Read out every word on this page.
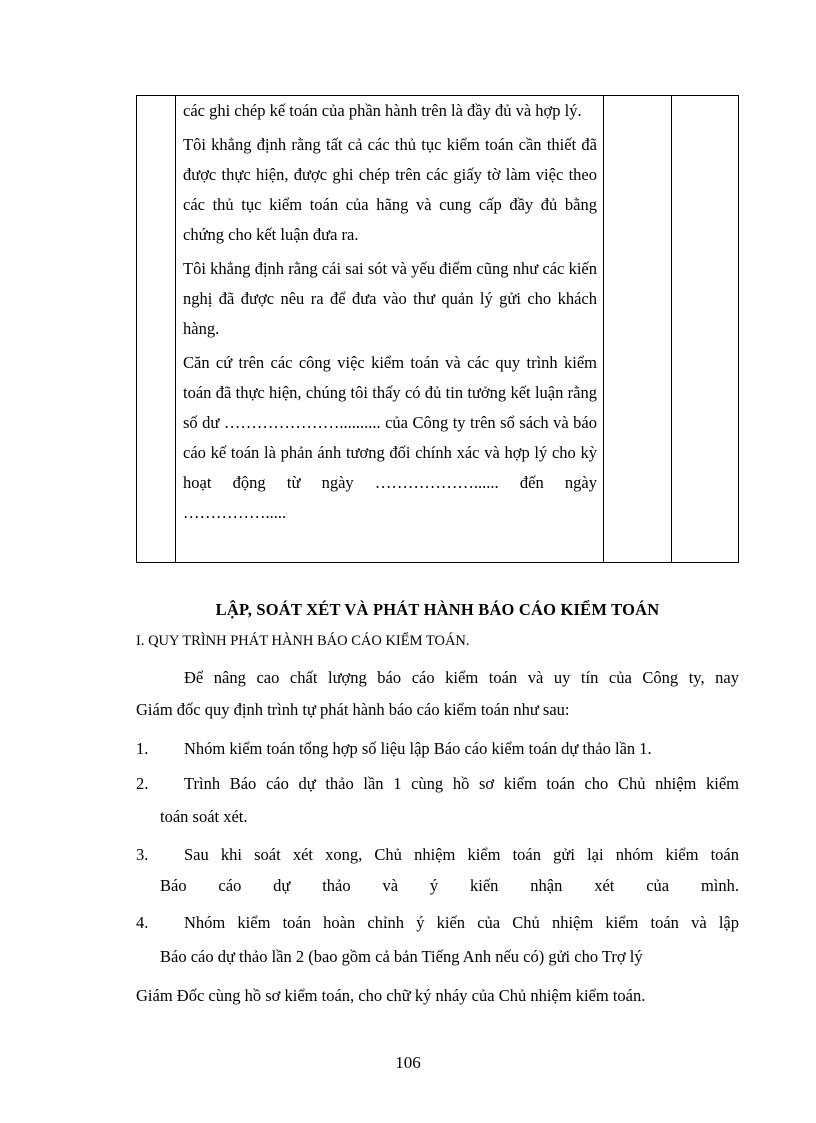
các ghi chép kế toán của phần hành trên là đầy đủ và hợp lý.

Tôi khẳng định rằng tất cả các thủ tục kiểm toán cần thiết đã được thực hiện, được ghi chép trên các giấy tờ làm việc theo các thủ tục kiểm toán của hãng và cung cấp đầy đủ bằng chứng cho kết luận đưa ra.

Tôi khẳng định rằng cái sai sót và yếu điểm cũng như các kiến nghị đã được nêu ra để đưa vào thư quản lý gửi cho khách hàng.

Căn cứ trên các công việc kiểm toán và các quy trình kiểm toán đã thực hiện, chúng tôi thấy có đủ tin tưởng kết luận rằng số dư ………………….......... của Công ty trên sổ sách và báo cáo kế toán là phản ánh tương đối chính xác và hợp lý cho kỳ hoạt động từ ngày ………………...... đến ngày …………….....

LẬP, SOÁT XÉT VÀ PHÁT HÀNH BÁO CÁO KIỂM TOÁN
I. QUY TRÌNH PHÁT HÀNH BÁO CÁO KIỂM TOÁN.
Để nâng cao chất lượng báo cáo kiểm toán và uy tín của Công ty, nay
Giám đốc quy định trình tự phát hành báo cáo kiểm toán như sau:
1. Nhóm kiểm toán tổng hợp số liệu lập Báo cáo kiểm toán dự thảo lần 1.
2. Trình Báo cáo dự thảo lần 1 cùng hồ sơ kiểm toán cho Chủ nhiệm kiểm
toán soát xét.
3. Sau khi soát xét xong, Chủ nhiệm kiểm toán gửi lại nhóm kiểm toán
Báo cáo dự thảo và ý kiến nhận xét của mình.
4. Nhóm kiểm toán hoàn chỉnh ý kiến của Chủ nhiệm kiểm toán và lập
Báo cáo dự thảo lần 2 (bao gồm cả bản Tiếng Anh nếu có) gửi cho Trợ lý
Giám Đốc cùng hồ sơ kiểm toán, cho chữ ký nháy của Chủ nhiệm kiểm toán.
106
